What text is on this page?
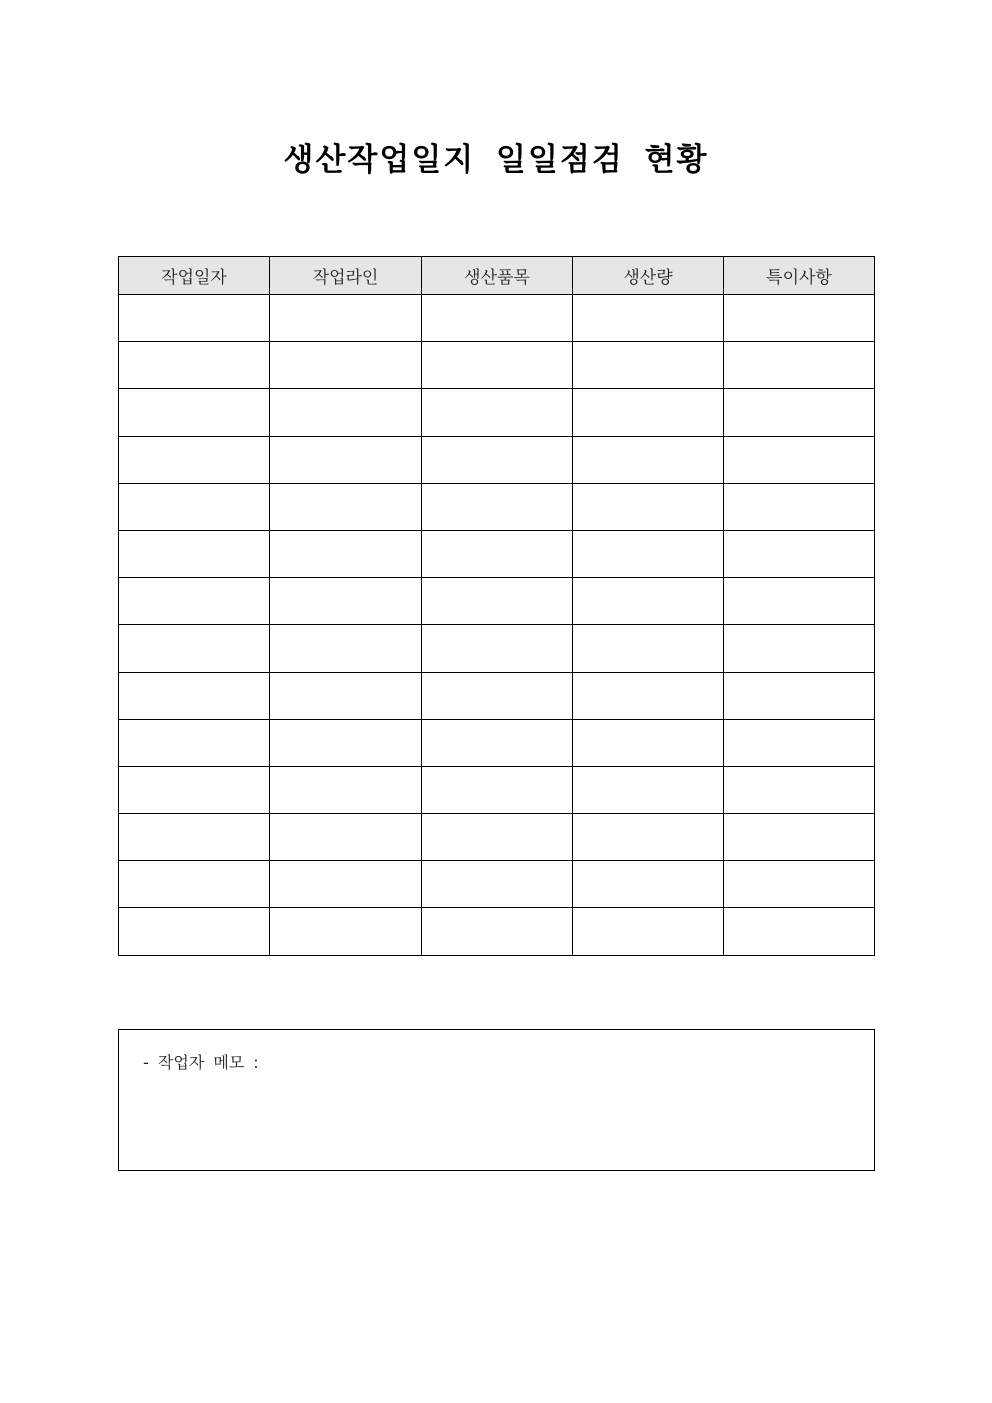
생산작업일지 일일점검 현황
작업일자	작업라인	생산품목	생산량	특이사항

- 작업자 메모 :
